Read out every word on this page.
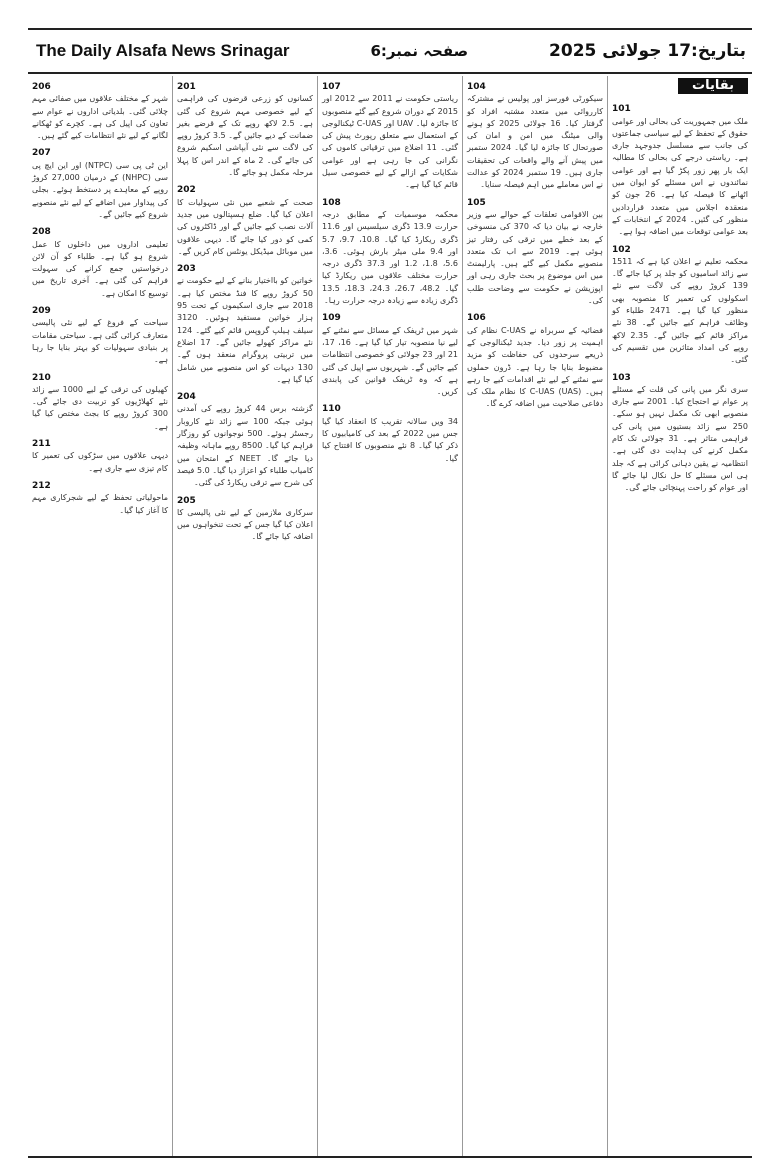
The Daily Alsafa News Srinagar	صفحہ نمبر:6	بتاریخ:17 جولائی 2025
بقایات
101
ملک میں جمہوریت کی بحالی اور عوامی حقوق کے تحفظ کے لیے سیاسی جماعتوں کی جانب سے مسلسل جدوجہد جاری ہے۔ ریاستی درجے کی بحالی کا مطالبہ ایک بار پھر زور پکڑ گیا ہے اور عوامی نمائندوں نے اس مسئلے کو ایوان میں اٹھانے کا فیصلہ کیا ہے۔ 26 جون کو منعقدہ اجلاس میں متعدد قراردادیں منظور کی گئیں۔ 2024 کے انتخابات کے بعد عوامی توقعات میں اضافہ ہوا ہے۔
102
محکمہ تعلیم نے اعلان کیا ہے کہ 1511 سے زائد اسامیوں کو جلد پر کیا جائے گا۔ 139 کروڑ روپے کی لاگت سے نئے اسکولوں کی تعمیر کا منصوبہ بھی منظور کیا گیا ہے۔ 2471 طلباء کو وظائف فراہم کیے جائیں گے۔ 38 نئے مراکز قائم کیے جائیں گے۔ 2.35 لاکھ روپے کی امداد متاثرین میں تقسیم کی گئی۔
103
سری نگر میں پانی کی قلت کے مسئلے پر عوام نے احتجاج کیا۔ 2001 سے جاری منصوبے ابھی تک مکمل نہیں ہو سکے۔ 250 سے زائد بستیوں میں پانی کی فراہمی متاثر ہے۔ 31 جولائی تک کام مکمل کرنے کی ہدایت دی گئی ہے۔ انتظامیہ نے یقین دہانی کرائی ہے کہ جلد ہی اس مسئلے کا حل نکال لیا جائے گا اور عوام کو راحت پہنچائی جائے گی۔
104
سیکورٹی فورسز اور پولیس نے مشترکہ کارروائی میں متعدد مشتبہ افراد کو گرفتار کیا۔ 16 جولائی 2025 کو ہونے والی میٹنگ میں امن و امان کی صورتحال کا جائزہ لیا گیا۔ 2024 ستمبر میں پیش آنے والے واقعات کی تحقیقات جاری ہیں۔ 19 ستمبر 2024 کو عدالت نے اس معاملے میں اہم فیصلہ سنایا۔
105
بین الاقوامی تعلقات کے حوالے سے وزیر خارجہ نے بیان دیا کہ 370 کی منسوخی کے بعد خطے میں ترقی کی رفتار تیز ہوئی ہے۔ 2019 سے اب تک متعدد منصوبے مکمل کیے گئے ہیں۔ پارلیمنٹ میں اس موضوع پر بحث جاری رہی اور اپوزیشن نے حکومت سے وضاحت طلب کی۔
106
فضائیہ کے سربراہ نے C-UAS نظام کی اہمیت پر زور دیا۔ جدید ٹیکنالوجی کے ذریعے سرحدوں کی حفاظت کو مزید مضبوط بنایا جا رہا ہے۔ ڈرون حملوں سے نمٹنے کے لیے نئے اقدامات کیے جا رہے ہیں۔ (UAS) C-UAS کا نظام ملک کی دفاعی صلاحیت میں اضافہ کرے گا۔
107
ریاستی حکومت نے 2011 سے 2012 اور 2015 کے دوران شروع کیے گئے منصوبوں کا جائزہ لیا۔ UAV اور C-UAS ٹیکنالوجی کے استعمال سے متعلق رپورٹ پیش کی گئی۔ 11 اضلاع میں ترقیاتی کاموں کی نگرانی کی جا رہی ہے اور عوامی شکایات کے ازالے کے لیے خصوصی سیل قائم کیا گیا ہے۔
108
محکمہ موسمیات کے مطابق درجہ حرارت 13.9 ڈگری سیلسیس اور 11.6 ڈگری ریکارڈ کیا گیا۔ 10.8، 9.7، 5.7 اور 9.4 ملی میٹر بارش ہوئی۔ 3.6، 5.6، 1.8، 1.2 اور 37.3 ڈگری درجہ حرارت مختلف علاقوں میں ریکارڈ کیا گیا۔ 48.2، 26.7، 24.3، 18.3، 13.5 ڈگری زیادہ سے زیادہ درجہ حرارت رہا۔
109
شہر میں ٹریفک کے مسائل سے نمٹنے کے لیے نیا منصوبہ تیار کیا گیا ہے۔ 16، 17، 21 اور 23 جولائی کو خصوصی انتظامات کیے جائیں گے۔ شہریوں سے اپیل کی گئی ہے کہ وہ ٹریفک قوانین کی پابندی کریں۔
110
34 ویں سالانہ تقریب کا انعقاد کیا گیا جس میں 2022 کے بعد کی کامیابیوں کا ذکر کیا گیا۔ 8 نئے منصوبوں کا افتتاح کیا گیا۔
201
کسانوں کو زرعی قرضوں کی فراہمی کے لیے خصوصی مہم شروع کی گئی ہے۔ 2.5 لاکھ روپے تک کے قرضے بغیر ضمانت کے دیے جائیں گے۔ 3.5 کروڑ روپے کی لاگت سے نئی آبپاشی اسکیم شروع کی جائے گی۔ 2 ماہ کے اندر اس کا پہلا مرحلہ مکمل ہو جائے گا۔
202
صحت کے شعبے میں نئی سہولیات کا اعلان کیا گیا۔ ضلع ہسپتالوں میں جدید آلات نصب کیے جائیں گے اور ڈاکٹروں کی کمی کو دور کیا جائے گا۔ دیہی علاقوں میں موبائل میڈیکل یونٹس کام کریں گے۔
203
خواتین کو بااختیار بنانے کے لیے حکومت نے 50 کروڑ روپے کا فنڈ مختص کیا ہے۔ 2018 سے جاری اسکیموں کے تحت 95 ہزار خواتین مستفید ہوئیں۔ 3120 سیلف ہیلپ گروپس قائم کیے گئے۔ 124 نئے مراکز کھولے جائیں گے۔ 17 اضلاع میں تربیتی پروگرام منعقد ہوں گے۔ 130 دیہات کو اس منصوبے میں شامل کیا گیا ہے۔
204
گزشتہ برس 44 کروڑ روپے کی آمدنی ہوئی جبکہ 100 سے زائد نئے کاروبار رجسٹر ہوئے۔ 500 نوجوانوں کو روزگار فراہم کیا گیا۔ 8500 روپے ماہانہ وظیفہ دیا جائے گا۔ NEET کے امتحان میں کامیاب طلباء کو اعزاز دیا گیا۔ 5.0 فیصد کی شرح سے ترقی ریکارڈ کی گئی۔
205
سرکاری ملازمین کے لیے نئی پالیسی کا اعلان کیا گیا جس کے تحت تنخواہوں میں اضافہ کیا جائے گا۔
206
شہر کے مختلف علاقوں میں صفائی مہم چلائی گئی۔ بلدیاتی اداروں نے عوام سے تعاون کی اپیل کی ہے۔ کچرے کو ٹھکانے لگانے کے لیے نئے انتظامات کیے گئے ہیں۔
207
این ٹی پی سی (NTPC) اور این ایچ پی سی (NHPC) کے درمیان 27,000 کروڑ روپے کے معاہدے پر دستخط ہوئے۔ بجلی کی پیداوار میں اضافے کے لیے نئے منصوبے شروع کیے جائیں گے۔
208
تعلیمی اداروں میں داخلوں کا عمل شروع ہو گیا ہے۔ طلباء کو آن لائن درخواستیں جمع کرانے کی سہولت فراہم کی گئی ہے۔ آخری تاریخ میں توسیع کا امکان ہے۔
209
سیاحت کے فروغ کے لیے نئی پالیسی متعارف کرائی گئی ہے۔ سیاحتی مقامات پر بنیادی سہولیات کو بہتر بنایا جا رہا ہے۔
210
کھیلوں کی ترقی کے لیے 1000 سے زائد نئے کھلاڑیوں کو تربیت دی جائے گی۔ 300 کروڑ روپے کا بجٹ مختص کیا گیا ہے۔
211
دیہی علاقوں میں سڑکوں کی تعمیر کا کام تیزی سے جاری ہے۔
212
ماحولیاتی تحفظ کے لیے شجرکاری مہم کا آغاز کیا گیا۔
